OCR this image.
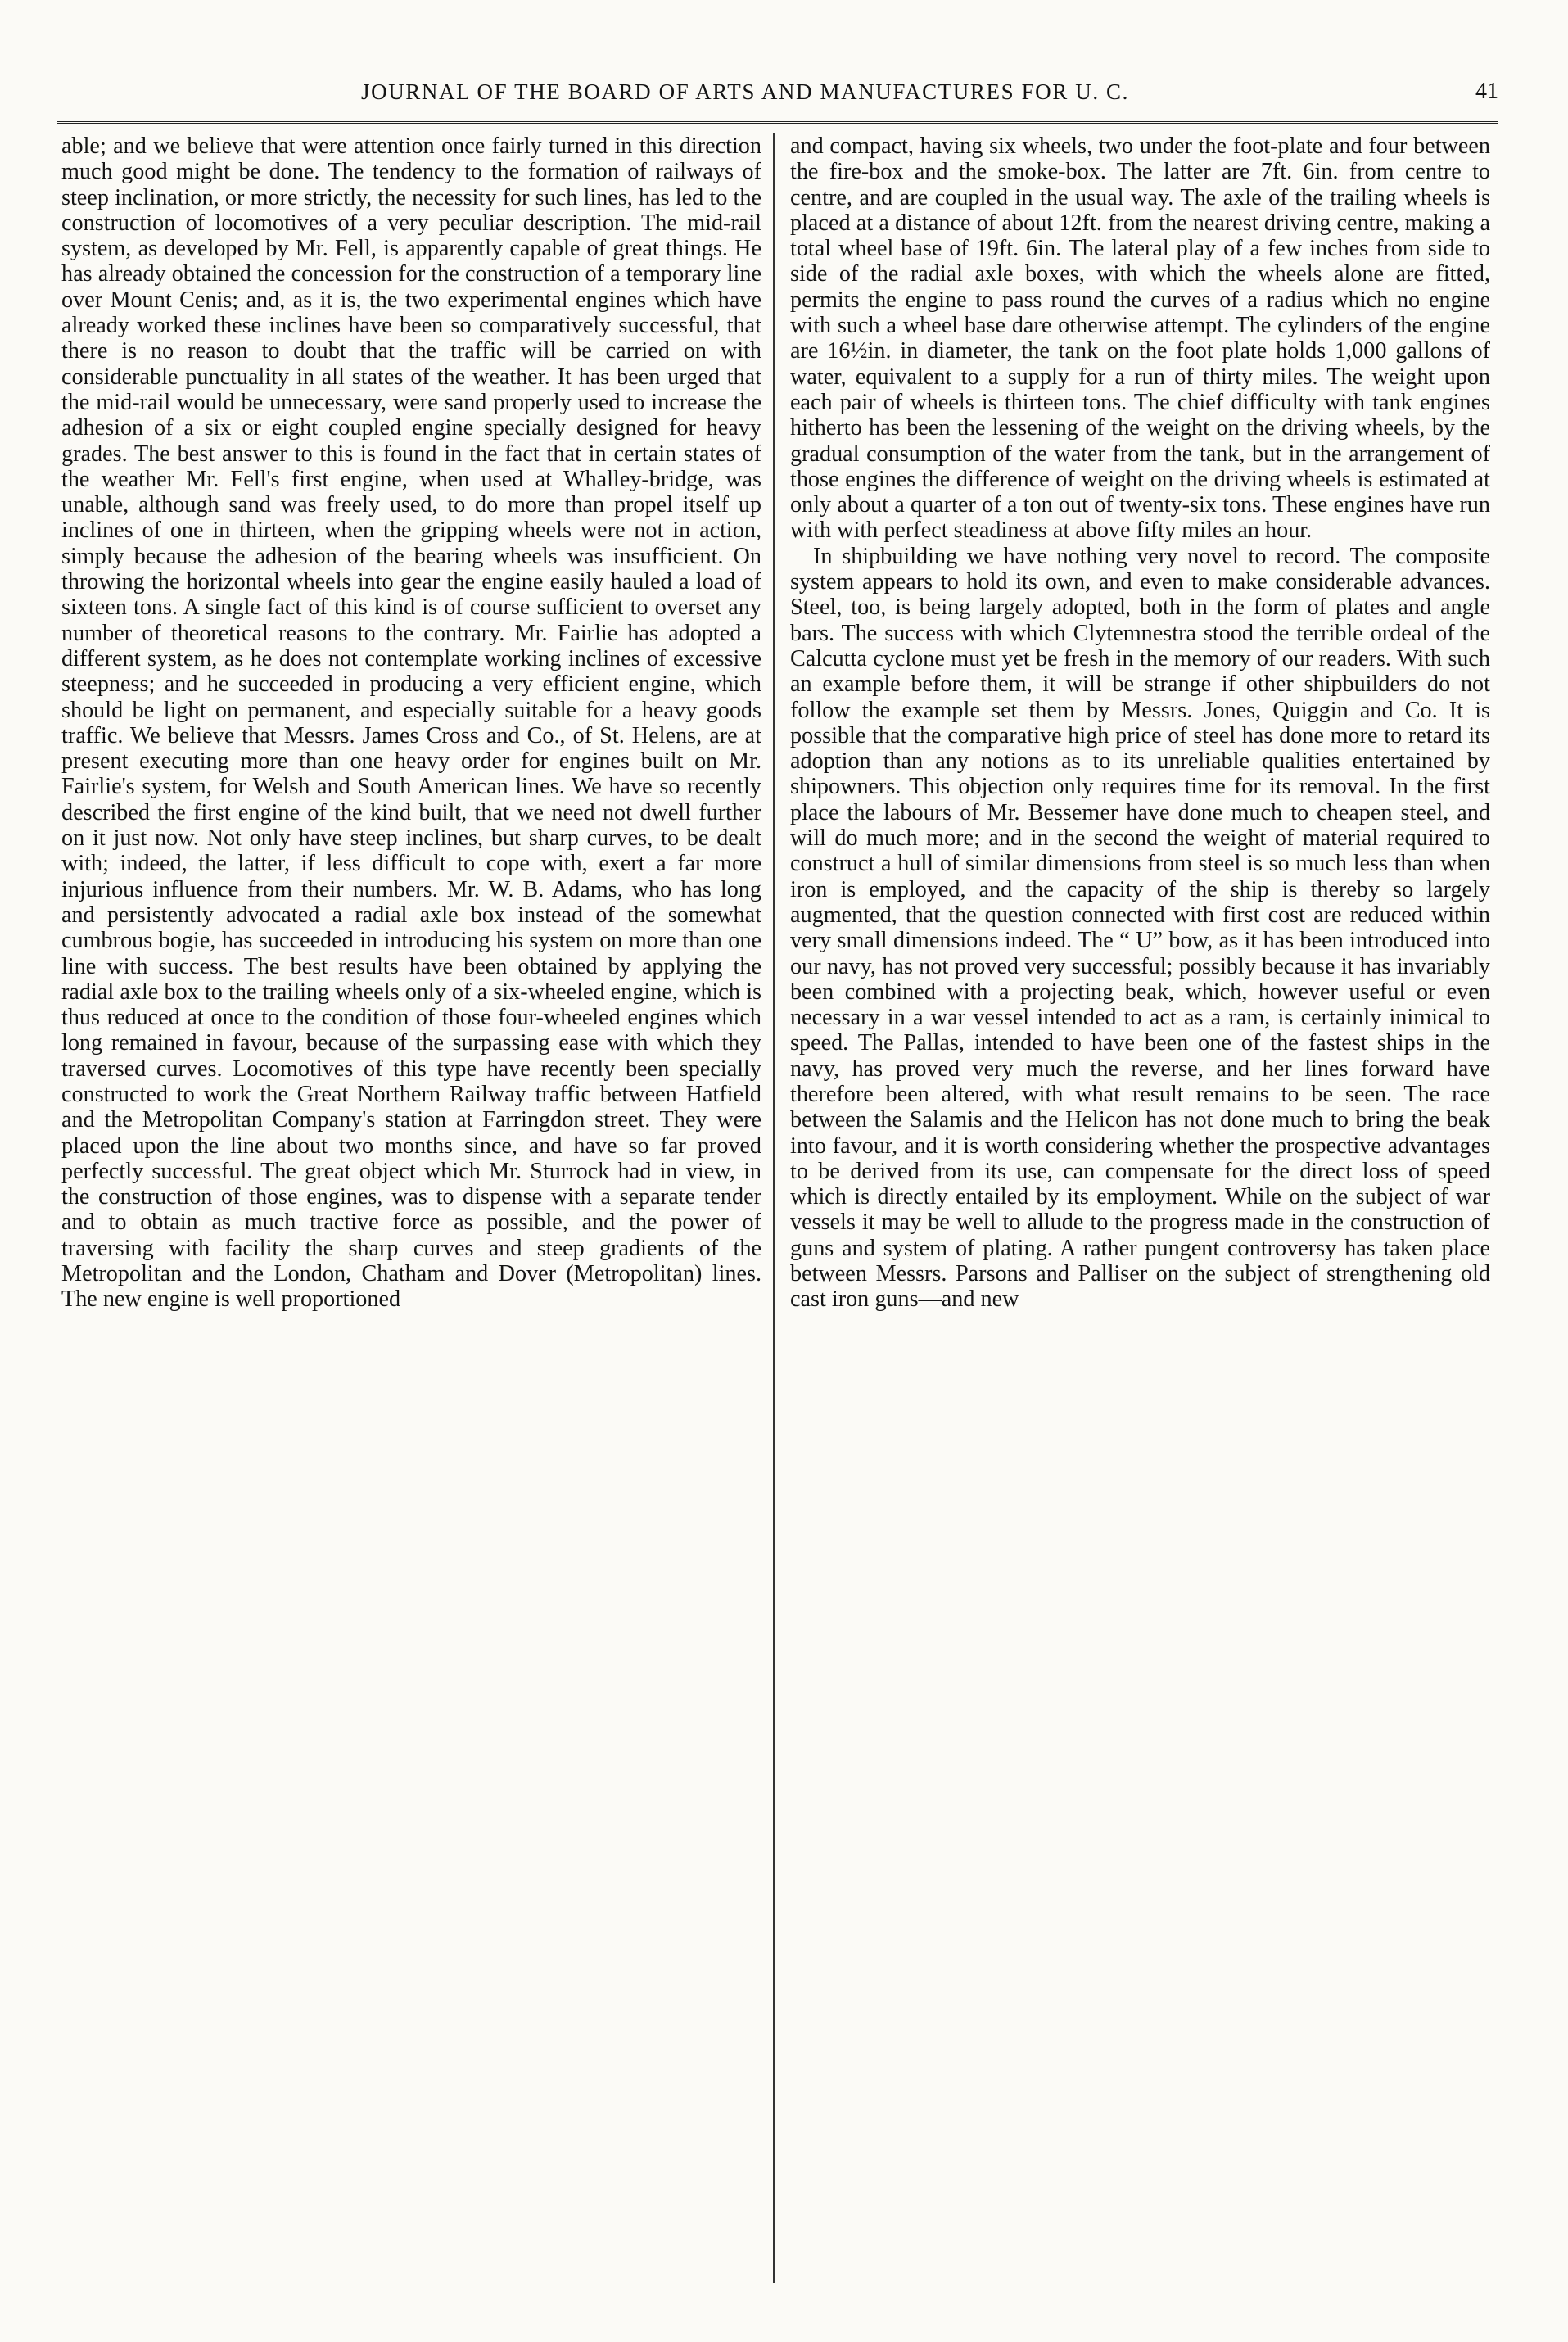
JOURNAL OF THE BOARD OF ARTS AND MANUFACTURES FOR U. C.	41

able; and we believe that were attention once fairly turned in this direction much good might be done. The tendency to the formation of railways of steep inclination, or more strictly, the necessity for such lines, has led to the construction of locomotives of a very peculiar description. The mid-rail system, as developed by Mr. Fell, is apparently capable of great things. He has already obtained the concession for the construction of a temporary line over Mount Cenis; and, as it is, the two experimental engines which have already worked these inclines have been so comparatively successful, that there is no reason to doubt that the traffic will be carried on with considerable punctuality in all states of the weather. It has been urged that the mid-rail would be unnecessary, were sand properly used to increase the adhesion of a six or eight coupled engine specially designed for heavy grades. The best answer to this is found in the fact that in certain states of the weather Mr. Fell's first engine, when used at Whalley-bridge, was unable, although sand was freely used, to do more than propel itself up inclines of one in thirteen, when the gripping wheels were not in action, simply because the adhesion of the bearing wheels was insufficient. On throwing the horizontal wheels into gear the engine easily hauled a load of sixteen tons. A single fact of this kind is of course sufficient to overset any number of theoretical reasons to the contrary. Mr. Fairlie has adopted a different system, as he does not contemplate working inclines of excessive steepness; and he succeeded in producing a very efficient engine, which should be light on permanent, and especially suitable for a heavy goods traffic. We believe that Messrs. James Cross and Co., of St. Helens, are at present executing more than one heavy order for engines built on Mr. Fairlie's system, for Welsh and South American lines. We have so recently described the first engine of the kind built, that we need not dwell further on it just now. Not only have steep inclines, but sharp curves, to be dealt with; indeed, the latter, if less difficult to cope with, exert a far more injurious influence from their numbers. Mr. W. B. Adams, who has long and persistently advocated a radial axle box instead of the somewhat cumbrous bogie, has succeeded in introducing his system on more than one line with success. The best results have been obtained by applying the radial axle box to the trailing wheels only of a six-wheeled engine, which is thus reduced at once to the condition of those four-wheeled engines which long remained in favour, because of the surpassing ease with which they traversed curves. Locomotives of this type have recently been specially constructed to work the Great Northern Railway traffic between Hatfield and the Metropolitan Company's station at Farringdon street. They were placed upon the line about two months since, and have so far proved perfectly successful. The great object which Mr. Sturrock had in view, in the construction of those engines, was to dispense with a separate tender and to obtain as much tractive force as possible, and the power of traversing with facility the sharp curves and steep gradients of the Metropolitan and the London, Chatham and Dover (Metropolitan) lines. The new engine is well proportioned

and compact, having six wheels, two under the foot-plate and four between the fire-box and the smoke-box. The latter are 7ft. 6in. from centre to centre, and are coupled in the usual way. The axle of the trailing wheels is placed at a distance of about 12ft. from the nearest driving centre, making a total wheel base of 19ft. 6in. The lateral play of a few inches from side to side of the radial axle boxes, with which the wheels alone are fitted, permits the engine to pass round the curves of a radius which no engine with such a wheel base dare otherwise attempt. The cylinders of the engine are 16½in. in diameter, the tank on the foot plate holds 1,000 gallons of water, equivalent to a supply for a run of thirty miles. The weight upon each pair of wheels is thirteen tons. The chief difficulty with tank engines hitherto has been the lessening of the weight on the driving wheels, by the gradual consumption of the water from the tank, but in the arrangement of those engines the difference of weight on the driving wheels is estimated at only about a quarter of a ton out of twenty-six tons. These engines have run with with perfect steadiness at above fifty miles an hour.

In shipbuilding we have nothing very novel to record. The composite system appears to hold its own, and even to make considerable advances. Steel, too, is being largely adopted, both in the form of plates and angle bars. The success with which Clytemnestra stood the terrible ordeal of the Calcutta cyclone must yet be fresh in the memory of our readers. With such an example before them, it will be strange if other shipbuilders do not follow the example set them by Messrs. Jones, Quiggin and Co. It is possible that the comparative high price of steel has done more to retard its adoption than any notions as to its unreliable qualities entertained by shipowners. This objection only requires time for its removal. In the first place the labours of Mr. Bessemer have done much to cheapen steel, and will do much more; and in the second the weight of material required to construct a hull of similar dimensions from steel is so much less than when iron is employed, and the capacity of the ship is thereby so largely augmented, that the question connected with first cost are reduced within very small dimensions indeed. The “ U” bow, as it has been introduced into our navy, has not proved very successful; possibly because it has invariably been combined with a projecting beak, which, however useful or even necessary in a war vessel intended to act as a ram, is certainly inimical to speed. The Pallas, intended to have been one of the fastest ships in the navy, has proved very much the reverse, and her lines forward have therefore been altered, with what result remains to be seen. The race between the Salamis and the Helicon has not done much to bring the beak into favour, and it is worth considering whether the prospective advantages to be derived from its use, can compensate for the direct loss of speed which is directly entailed by its employment. While on the subject of war vessels it may be well to allude to the progress made in the construction of guns and system of plating. A rather pungent controversy has taken place between Messrs. Parsons and Palliser on the subject of strengthening old cast iron guns—and new
